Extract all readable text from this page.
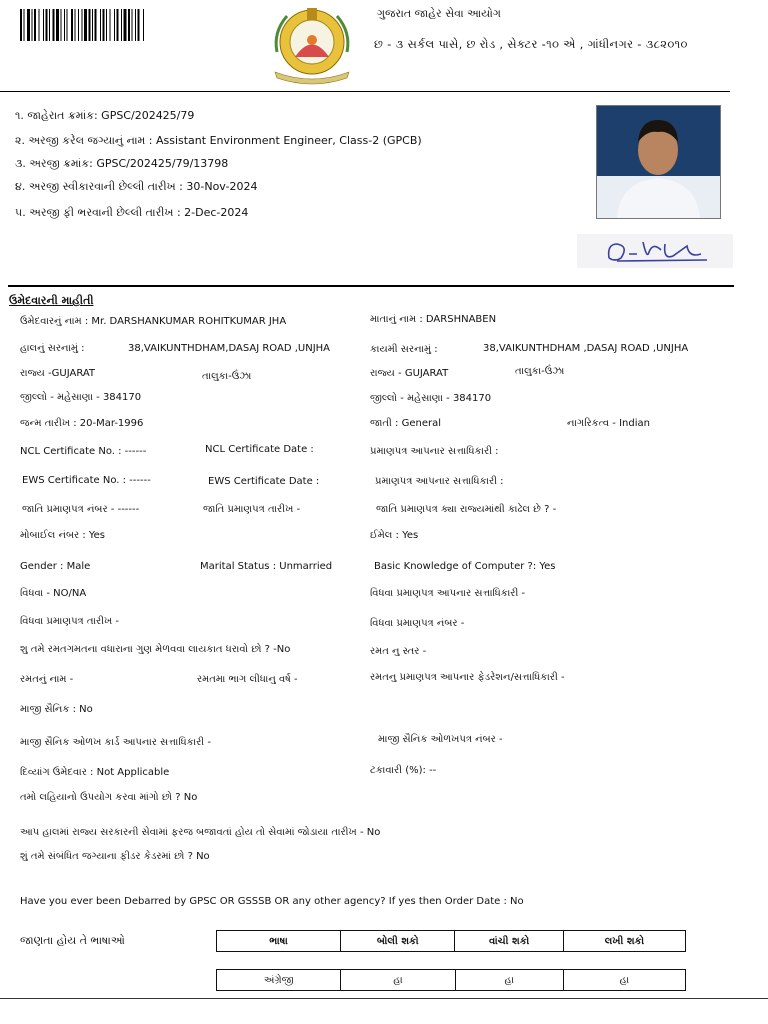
ગુજરાત જાહેર સેવા આયોગ
છ - ૩ સર્કલ પાસે, છ રોડ , સેક્ટર -૧૦ એ , ગાંધીનગર - ૩૮૨૦૧૦
૧. જાહેરાત ક્રમાંક: GPSC/202425/79
૨. અરજી કરેલ જગ્યાનું નામ : Assistant Environment Engineer, Class-2 (GPCB)
૩. અરજી ક્રમાંક: GPSC/202425/79/13798
૪. અરજી સ્વીકારવાની છેલ્લી તારીખ : 30-Nov-2024
૫. અરજી ફી ભરવાની છેલ્લી તારીખ : 2-Dec-2024
ઉમેદવારની માહીતી
ઉમેદવારનું નામ : Mr. DARSHANKUMAR ROHITKUMAR JHA	માતાનું નામ : DARSHNABEN
હાલનું સરનામું :	38,VAIKUNTHDHAM,DASAJ ROAD ,UNJHA	કાયમી સરનામું :	38,VAIKUNTHDHAM ,DASAJ ROAD ,UNJHA
રાજ્ય -GUJARAT	તાલુકા-ઉંઝા	રાજ્ય - GUJARAT	તાલુકા-ઉંઝા
જીલ્લો - મહેસાણા - 384170	જીલ્લો - મહેસાણા - 384170
જન્મ તારીખ : 20-Mar-1996	જાતી : General	નાગરિકત્વ - Indian
NCL Certificate No. : ------	NCL Certificate Date :	પ્રમાણપત્ર આપનાર સત્તાધિકારી :
EWS Certificate No. : ------	EWS Certificate Date :	પ્રમાણપત્ર આપનાર સત્તાધિકારી :
જાતિ પ્રમાણપત્ર નંબર - ------	જાતિ પ્રમાણપત્ર તારીખ -	જાતિ પ્રમાણપત્ર ક્યા રાજ્યમાંથી કાઢેલ છે ? -
મોબાઈલ નંબર : Yes	ઈમેલ : Yes
Gender : Male	Marital Status : Unmarried	Basic Knowledge of Computer ?: Yes
વિધવા - NO/NA	વિધવા પ્રમાણપત્ર આપનાર સત્તાધિકારી -
વિધવા પ્રમાણપત્ર તારીખ -	વિધવા પ્રમાણપત્ર નંબર -
શુ તમે રમતગમતના વધારાના ગુણ મેળવવા લાયકાત ધરાવો છો ? -No	રમત નુ સ્તર -
રમતનું નામ -	રમતમા ભાગ લીધાનુ વર્ષ -	રમતનુ પ્રમાણપત્ર આપનાર ફેડરેશન/સત્તાધિકારી -
માજી સૈનિક : No
માજી સૈનિક ઓળખ કાર્ડ આપનાર સત્તાધિકારી -	માજી સૈનિક ઓળખપત્ર નંબર -
દિવ્યાંગ ઉમેદવાર : Not Applicable	ટકાવારી (%): --
તમો લહિયાનો ઉપયોગ કરવા માંગો છો ? No
આપ હાલમાં રાજ્ય સરકારની સેવામાં ફરજ બજાવતાં હોય તો સેવામાં જોડાયા તારીખ - No
શું તમે સંબંધિત જગ્યાના ફીડર કેડરમાં છો ? No
Have you ever been Debarred by GPSC OR GSSSB OR any other agency? If yes then Order Date : No
જાણતા હોય તે ભાષાઓ	ભાષા	બોલી શકો	વાંચી શકો	લખી શકો
અંગ્રેજી	હા	હા	હા
